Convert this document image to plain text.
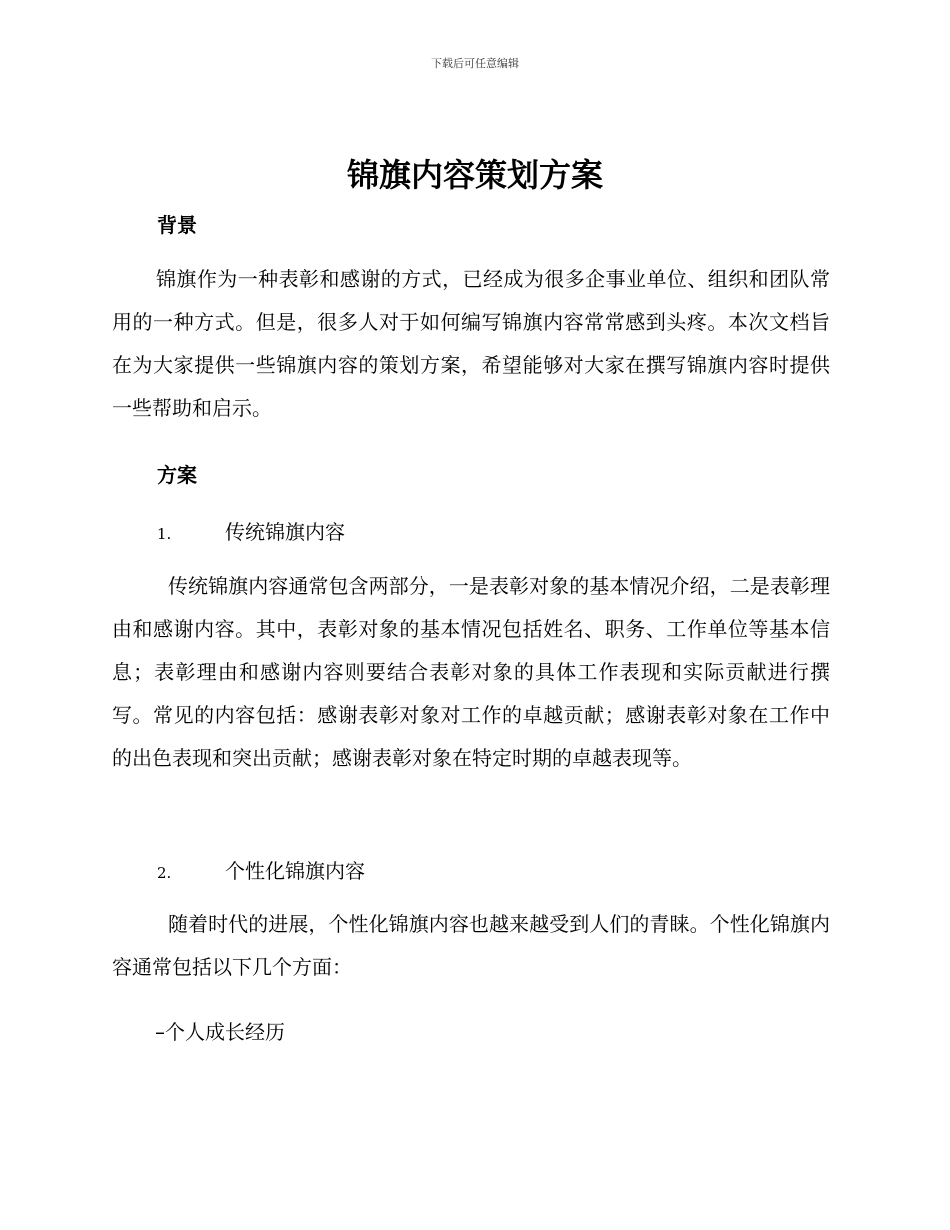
下载后可任意编辑
锦旗内容策划方案
背景
锦旗作为一种表彰和感谢的方式，已经成为很多企事业单位、组织和团队常用的一种方式。但是，很多人对于如何编写锦旗内容常常感到头疼。本次文档旨在为大家提供一些锦旗内容的策划方案，希望能够对大家在撰写锦旗内容时提供一些帮助和启示。
方案
1.	传统锦旗内容
传统锦旗内容通常包含两部分，一是表彰对象的基本情况介绍，二是表彰理由和感谢内容。其中，表彰对象的基本情况包括姓名、职务、工作单位等基本信息；表彰理由和感谢内容则要结合表彰对象的具体工作表现和实际贡献进行撰写。常见的内容包括：感谢表彰对象对工作的卓越贡献；感谢表彰对象在工作中的出色表现和突出贡献；感谢表彰对象在特定时期的卓越表现等。
2.	个性化锦旗内容
随着时代的进展，个性化锦旗内容也越来越受到人们的青睐。个性化锦旗内容通常包括以下几个方面：
–个人成长经历
